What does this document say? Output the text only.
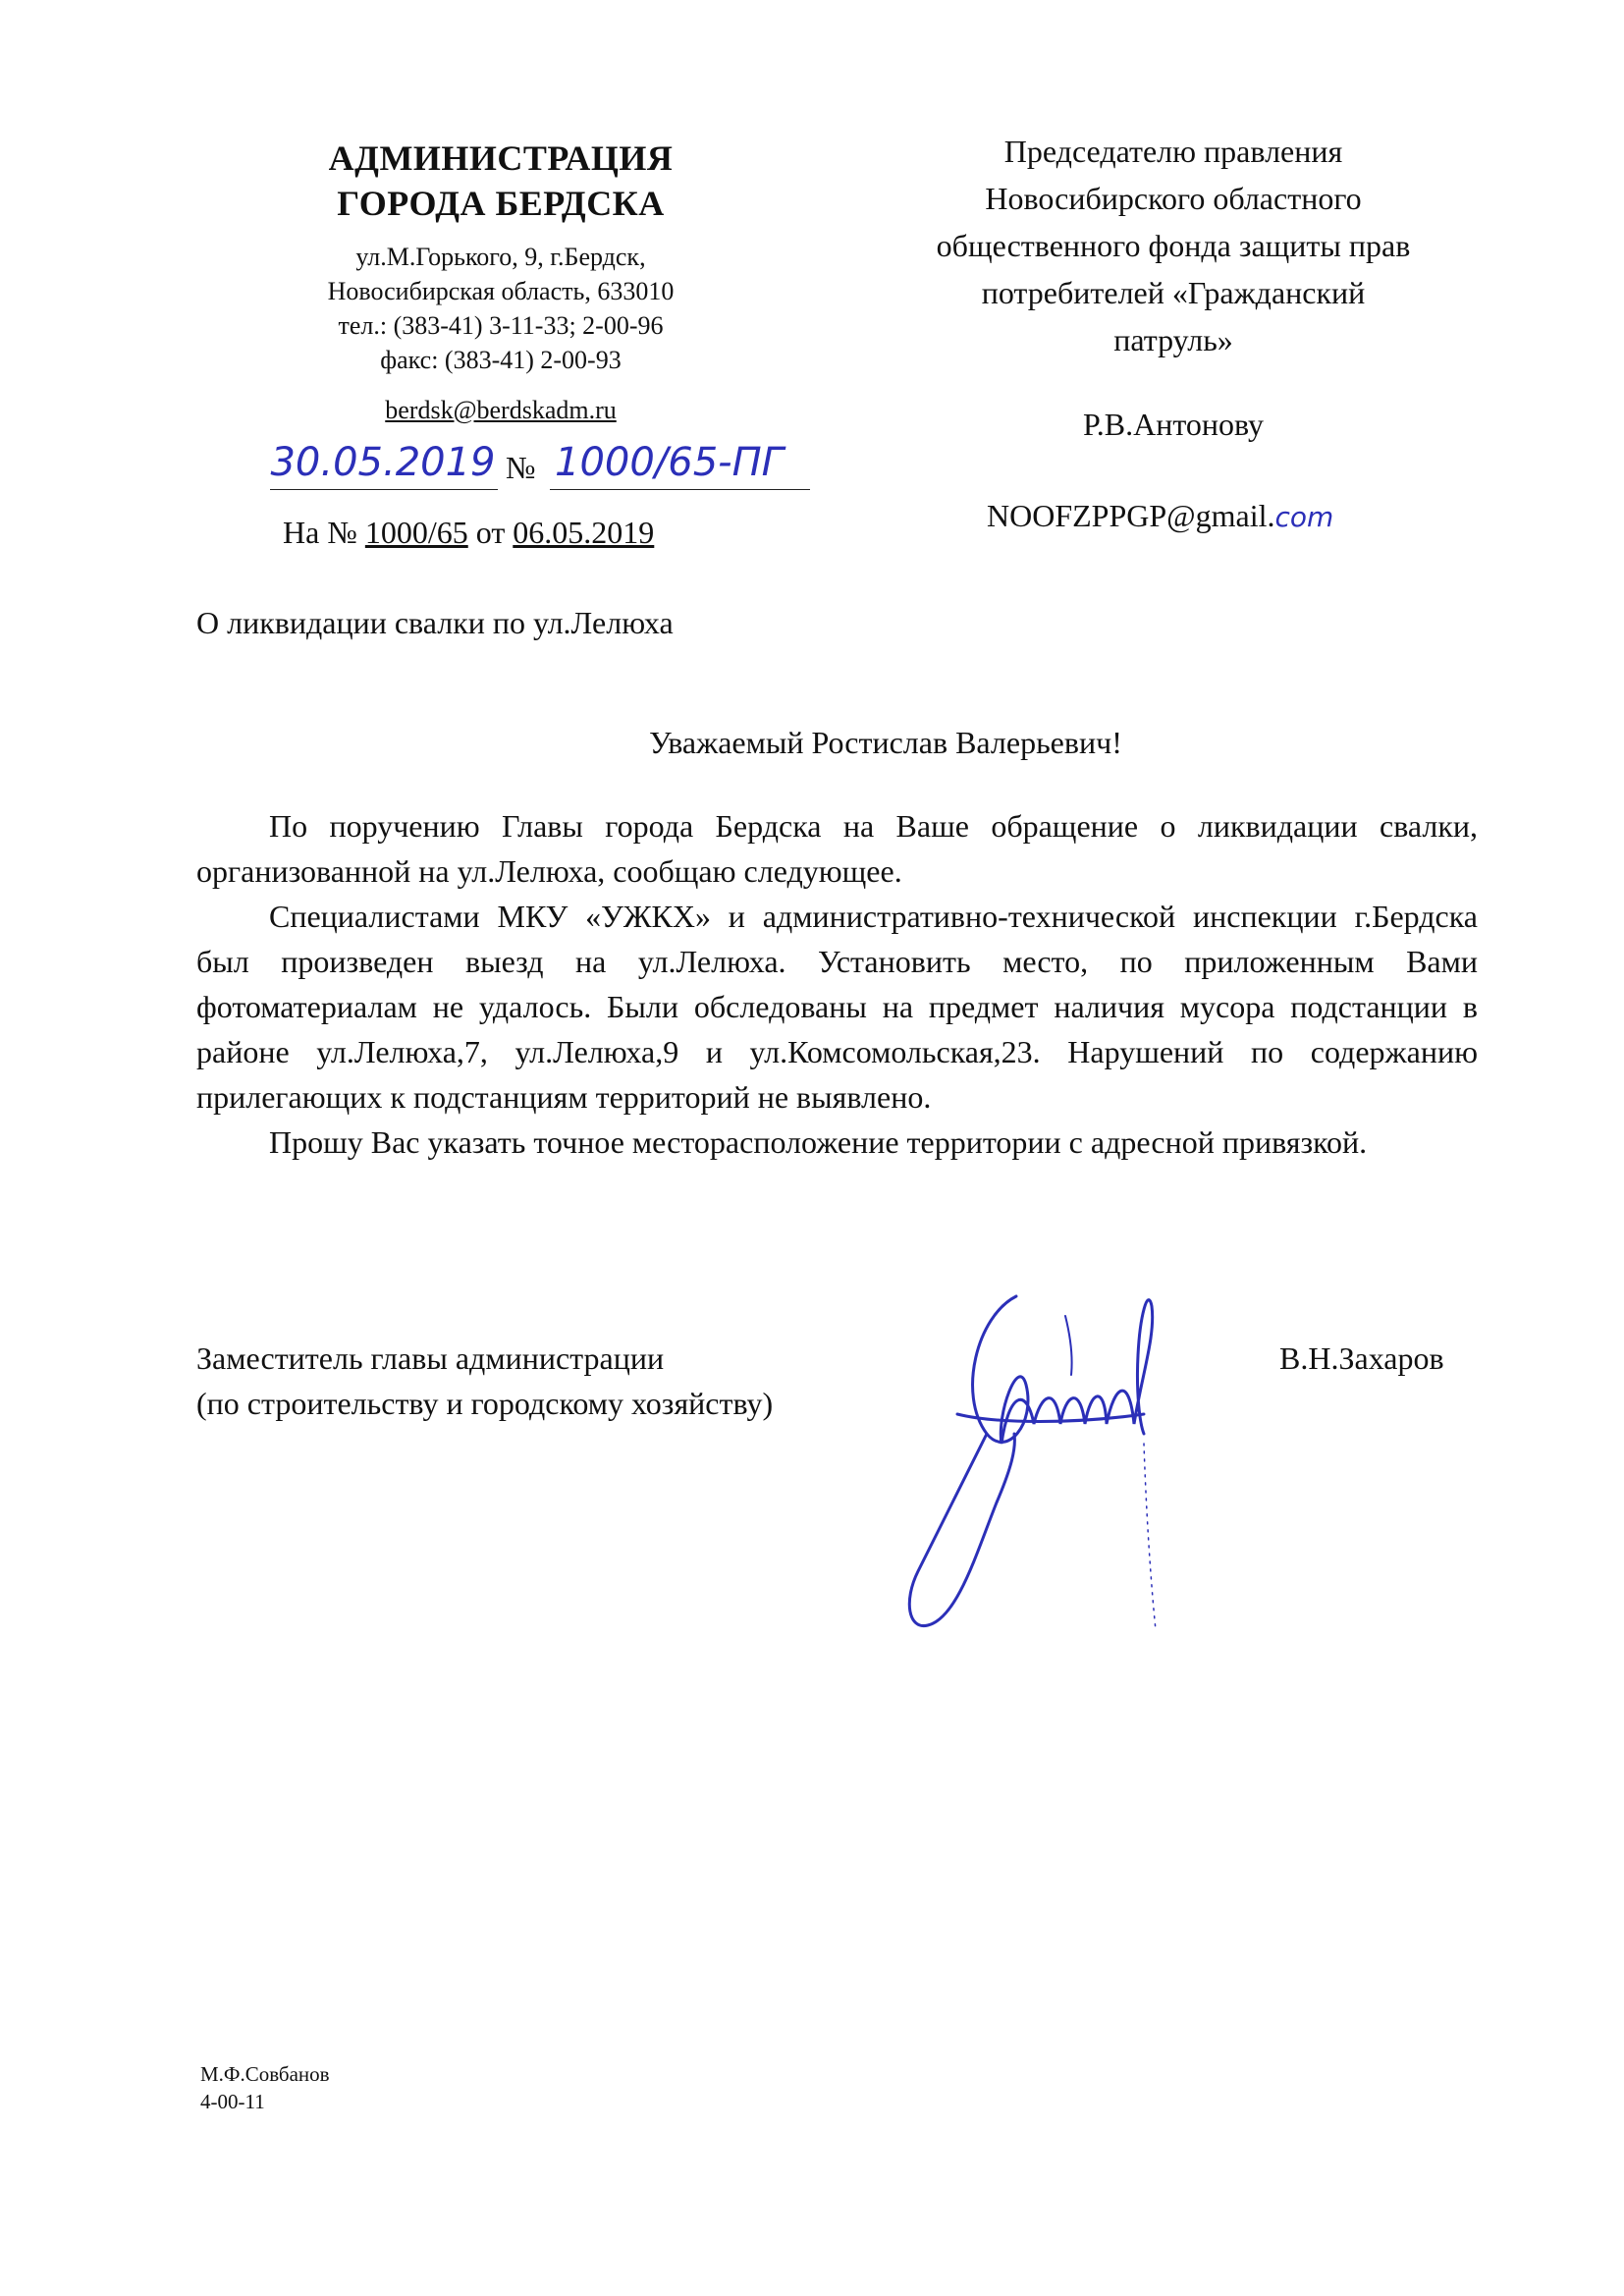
АДМИНИСТРАЦИЯ
ГОРОДА БЕРДСКА
ул.М.Горького, 9, г.Бердск,
Новосибирская область, 633010
тел.: (383-41) 3-11-33; 2-00-96
факс: (383-41) 2-00-93
berdsk@berdskadm.ru
30.05.2019 № 1000/65-ПГ
На № 1000/65 от 06.05.2019
Председателю правления
Новосибирского областного
общественного фонда защиты прав
потребителей «Гражданский
патруль»
Р.В.Антонову
NOOFZPPGP@gmail.com
О ликвидации свалки по ул.Лелюха
Уважаемый Ростислав Валерьевич!

По поручению Главы города Бердска на Ваше обращение о ликвидации свалки, организованной на ул.Лелюха, сообщаю следующее.

Специалистами МКУ «УЖКХ» и административно-технической инспекции г.Бердска был произведен выезд на ул.Лелюха. Установить место, по приложенным Вами фотоматериалам не удалось. Были обследованы на предмет наличия мусора подстанции в районе ул.Лелюха,7, ул.Лелюха,9 и ул.Комсомольская,23. Нарушений по содержанию прилегающих к подстанциям территорий не выявлено.

Прошу Вас указать точное месторасположение территории с адресной привязкой.

Заместитель главы администрации
(по строительству и городскому хозяйству)
В.Н.Захаров
М.Ф.Совбанов
4-00-11
